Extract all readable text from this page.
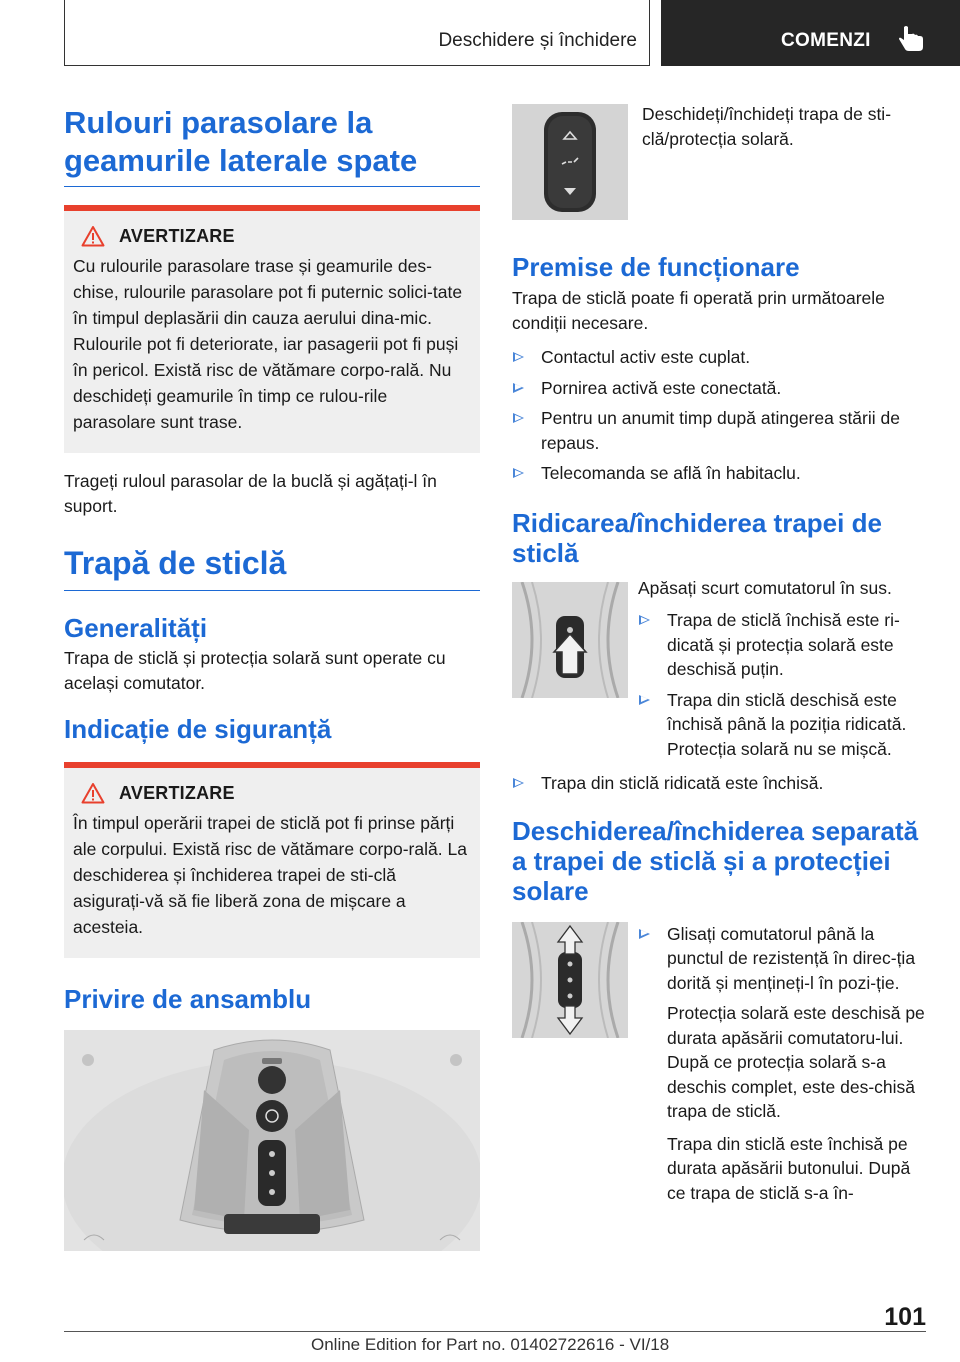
Deschidere și închidere	COMENZI
Rulouri parasolare la geamurile laterale spate
AVERTIZARE

Cu rulourile parasolare trase și geamurile des-chise, rulourile parasolare pot fi puternic solici-tate în timpul deplasării din cauza aerului dina-mic. Rulourile pot fi deteriorate, iar pasagerii pot fi puși în pericol. Există risc de vătămare corpo-rală. Nu deschideți geamurile în timp ce rulou-rile parasolare sunt trase.

Trageți ruloul parasolar de la buclă și agățați-l în suport.

Trapă de sticlă
Generalități

Trapa de sticlă și protecția solară sunt operate cu același comutator.

Indicație de siguranță
AVERTIZARE

În timpul operării trapei de sticlă pot fi prinse părți ale corpului. Există risc de vătămare corpo-rală. La deschiderea și închiderea trapei de sti-clă asigurați-vă să fie liberă zona de mișcare a acesteia.

Privire de ansamblu

Deschideți/închideți trapa de sti-clă/protecția solară.

Premise de funcționare

Trapa de sticlă poate fi operată prin următoarele condiții necesare.

Contactul activ este cuplat.
Pornirea activă este conectată.
Pentru un anumit timp după atingerea stării de repaus.
Telecomanda se află în habitaclu.
Ridicarea/închiderea trapei de sticlă

Apăsați scurt comutatorul în sus.

Trapa de sticlă închisă este ri-dicată și protecția solară este deschisă puțin.
Trapa din sticlă deschisă este închisă până la poziția ridicată. Protecția solară nu se mișcă.
Trapa din sticlă ridicată este închisă.
Deschiderea/închiderea separată a trapei de sticlă și a protecției solare
Glisați comutatorul până la punctul de rezistență în direc-ția dorită și mențineți-l în pozi-ție.

Protecția solară este deschisă pe durata apăsării comutatoru-lui. După ce protecția solară s-a deschis complet, este des-chisă trapa de sticlă.

Trapa din sticlă este închisă pe durata apăsării butonului. După ce trapa de sticlă s-a în-

101
Online Edition for Part no. 01402722616 - VI/18
